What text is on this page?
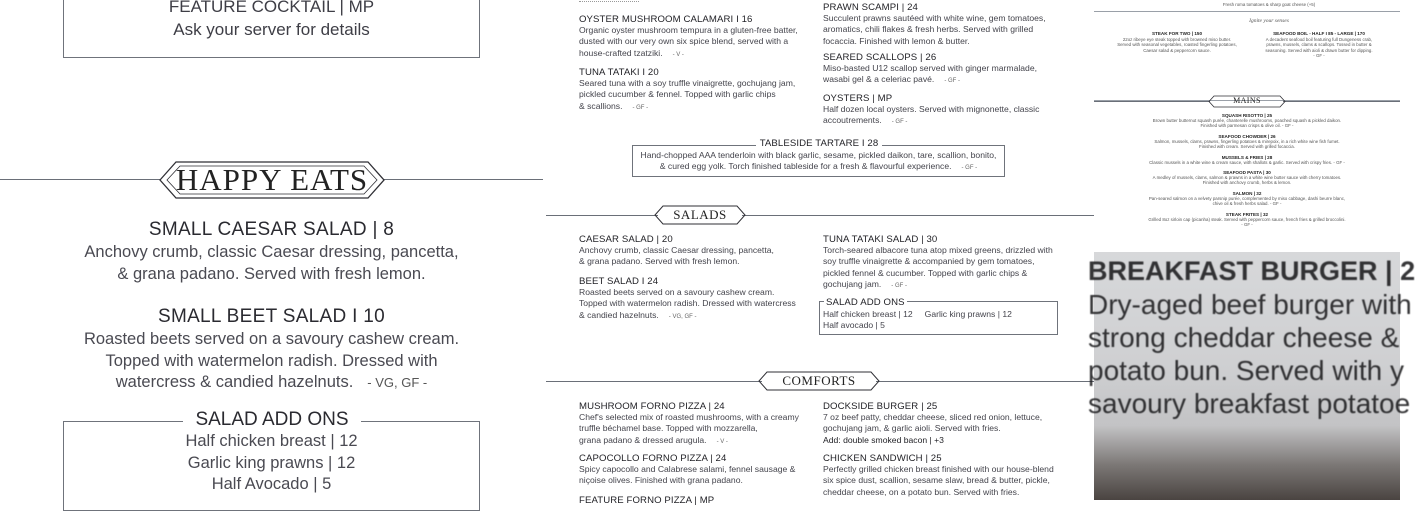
FEATURE COCKTAIL | MP
Ask your server for details
HAPPY EATS
SMALL CAESAR SALAD | 8
Anchovy crumb, classic Caesar dressing, pancetta,
& grana padano. Served with fresh lemon.
SMALL BEET SALAD I 10
Roasted beets served on a savoury cashew cream.
Topped with watermelon radish. Dressed with
watercress & candied hazelnuts. - VG, GF -
SALAD ADD ONS
Half chicken breast | 12
Garlic king prawns | 12
Half Avocado | 5
OYSTER MUSHROOM CALAMARI I 16
Organic oyster mushroom tempura in a gluten-free batter,
dusted with our very own six spice blend, served with a
house-crafted tzatziki. - V -
TUNA TATAKI I 20
Seared tuna with a soy truffle vinaigrette, gochujang jam,
pickled cucumber & fennel. Topped with garlic chips
& scallions. - GF -
PRAWN SCAMPI | 24
Succulent prawns sautéed with white wine, gem tomatoes,
aromatics, chili flakes & fresh herbs. Served with grilled
focaccia. Finished with lemon & butter.
SEARED SCALLOPS | 26
Miso-basted U12 scallop served with ginger marmalade,
wasabi gel & a celeriac pavé. - GF -
OYSTERS | MP
Half dozen local oysters. Served with mignonette, classic
accoutrements. - GF -
TABLESIDE TARTARE I 28
Hand-chopped AAA tenderloin with black garlic, sesame, pickled daikon, tare, scallion, bonito,
& cured egg yolk. Torch finished tableside for a fresh & flavourful experience. - GF -
SALADS
CAESAR SALAD | 20
Anchovy crumb, classic Caesar dressing, pancetta,
& grana padano. Served with fresh lemon.
BEET SALAD I 24
Roasted beets served on a savoury cashew cream.
Topped with watermelon radish. Dressed with watercress
& candied hazelnuts. - VG, GF -
TUNA TATAKI SALAD | 30
Torch-seared albacore tuna atop mixed greens, drizzled with
soy truffle vinaigrette & accompanied by gem tomatoes,
pickled fennel & cucumber. Topped with garlic chips &
gochujang jam. - GF -
SALAD ADD ONS
Half chicken breast | 12 Garlic king prawns | 12
Half avocado | 5
COMFORTS
MUSHROOM FORNO PIZZA | 24
Chef's selected mix of roasted mushrooms, with a creamy
truffle béchamel base. Topped with mozzarella,
grana padano & dressed arugula. - V -
CAPOCOLLO FORNO PIZZA | 24
Spicy capocollo and Calabrese salami, fennel sausage &
niçoise olives. Finished with grana padano.
FEATURE FORNO PIZZA | MP
DOCKSIDE BURGER | 25
7 oz beef patty, cheddar cheese, sliced red onion, lettuce,
gochujang jam, & garlic aioli. Served with fries.
Add: double smoked bacon | +3
CHICKEN SANDWICH | 25
Perfectly grilled chicken breast finished with our house-blend
six spice dust, scallion, sesame slaw, bread & butter, pickle,
cheddar cheese, on a potato bun. Served with fries.
Fresh roma tomatoes & sharp goat cheese (+5)
Ignite your senses
STEAK FOR TWO | 150
22oz ribeye eye steak topped with browned miso butter.
Served with seasonal vegetables, roasted fingerling potatoes,
Caesar salad & peppercorn sauce.
SEAFOOD BOIL - HALF I 85 - LARGE | 170
A decadent seafood boil featuring full Dungeness crab,
prawns, mussels, clams & scallops. Tossed in butter &
seasoning. Served with aioli & drawn butter for dipping.
- GF -
MAINS
SQUASH RISOTTO | 25
Brown butter butternut squash purée, chanterelle mushrooms, poached squash & pickled daikon.
Finished with parmesan crisps & olive oil. - GF -
SEAFOOD CHOWDER | 26
Salmon, mussels, clams, prawns, fingerling potatoes & mirepoix, in a rich white wine fish fumet.
Finished with cream. Served with grilled focaccia.
MUSSELS & FRIES | 28
Classic mussels in a white wine & cream sauce, with shallots & garlic. Served with crispy fries. - GF -
SEAFOOD PASTA | 30
A medley of mussels, clams, salmon & prawns in a white wine butter sauce with cherry tomatoes.
Finished with anchovy crumb, herbs & lemon.
SALMON | 32
Pan-seared salmon on a velvety parsnip purée, complemented by miso cabbage, dashi beurre blanc,
chive oil & fresh herbs salad. - GF -
STEAK FRITES | 32
Grilled 8oz sirloin cap (picanha) steak. Served with peppercorn sauce, french fries & grilled broccolini.
- GF -
BREAKFAST BURGER | 2
Dry-aged beef burger with
strong cheddar cheese &
potato bun. Served with y
savoury breakfast potatoe
